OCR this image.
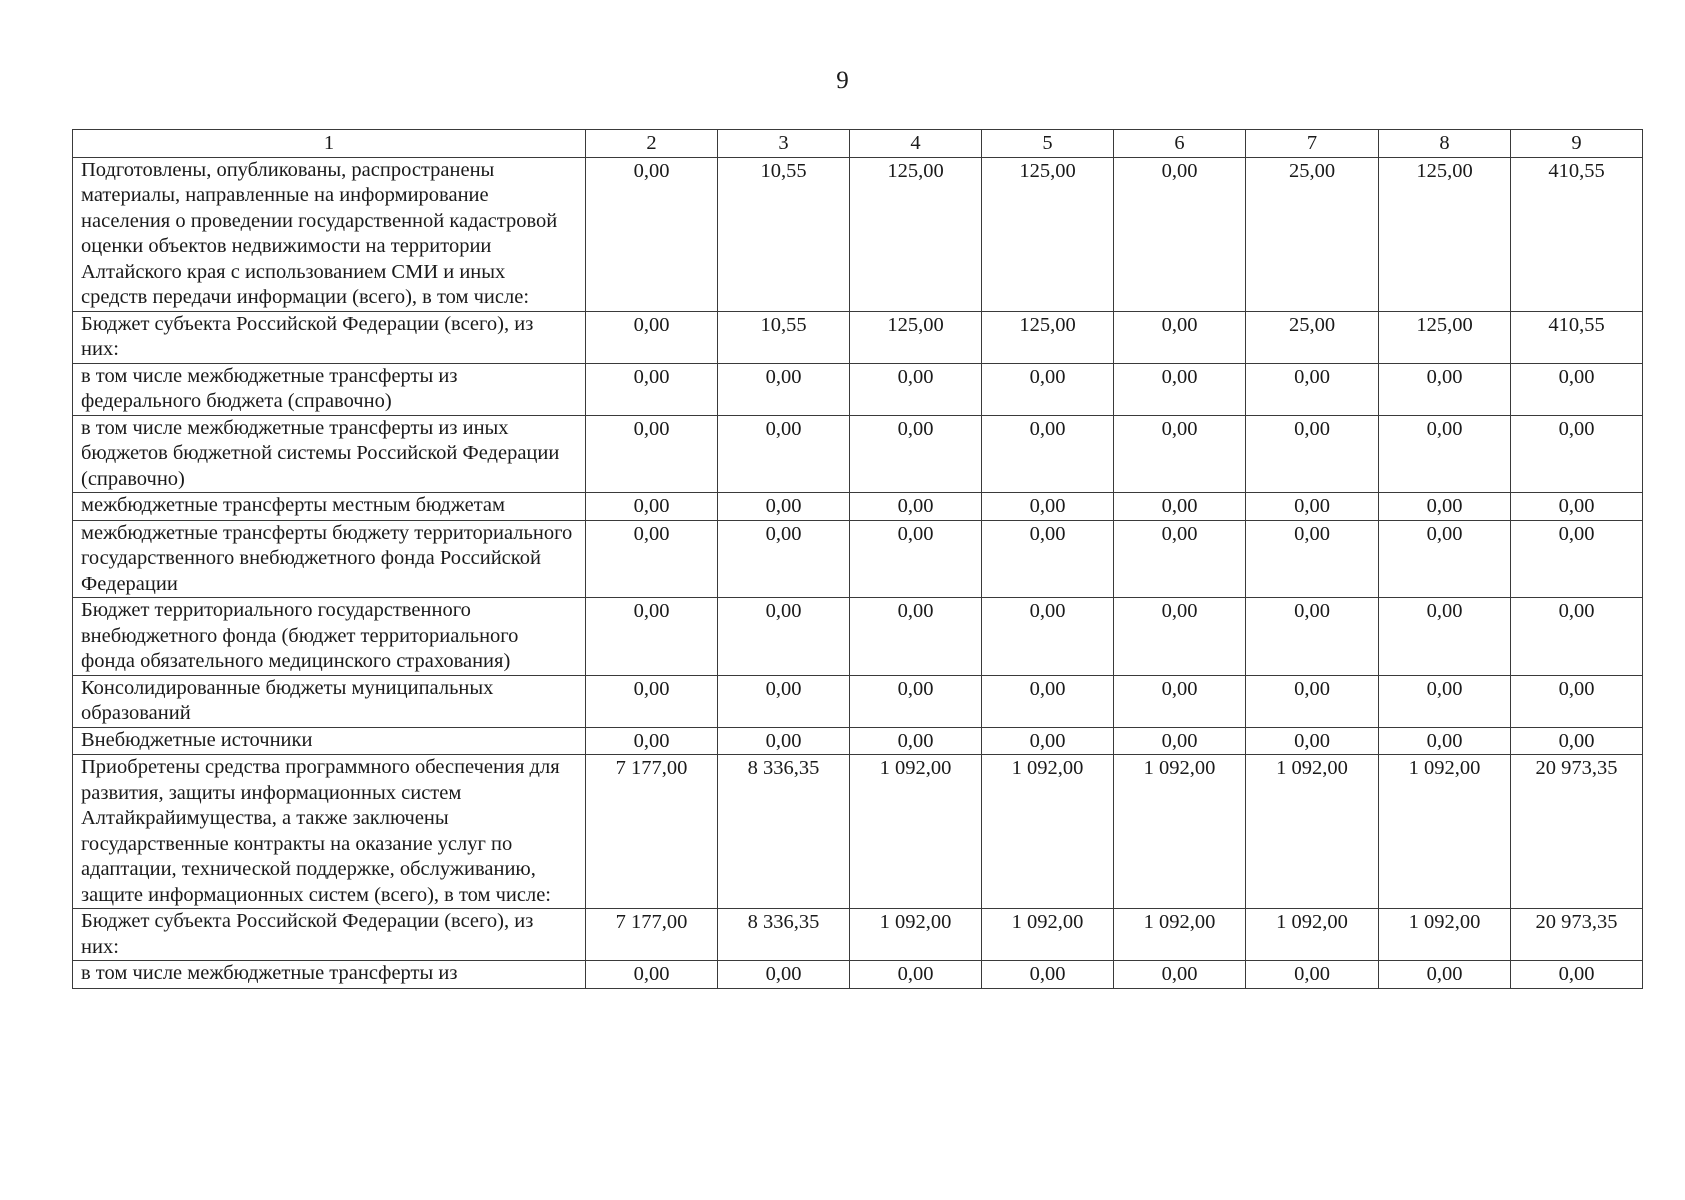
9
1	2	3	4	5	6	7	8	9
Подготовлены, опубликованы, распространены материалы, направленные на информирование населения о проведении государственной кадастровой оценки объектов недвижимости на территории Алтайского края с использованием СМИ и иных средств передачи информации (всего), в том числе:	0,00	10,55	125,00	125,00	0,00	25,00	125,00	410,55
Бюджет субъекта Российской Федерации (всего), из них:	0,00	10,55	125,00	125,00	0,00	25,00	125,00	410,55
в том числе межбюджетные трансферты из федерального бюджета (справочно)	0,00	0,00	0,00	0,00	0,00	0,00	0,00	0,00
в том числе межбюджетные трансферты из иных бюджетов бюджетной системы Российской Федерации (справочно)	0,00	0,00	0,00	0,00	0,00	0,00	0,00	0,00
межбюджетные трансферты местным бюджетам	0,00	0,00	0,00	0,00	0,00	0,00	0,00	0,00
межбюджетные трансферты бюджету территориального государственного внебюджетного фонда Российской Федерации	0,00	0,00	0,00	0,00	0,00	0,00	0,00	0,00
Бюджет территориального государственного внебюджетного фонда (бюджет территориального фонда обязательного медицинского страхования)	0,00	0,00	0,00	0,00	0,00	0,00	0,00	0,00
Консолидированные бюджеты муниципальных образований	0,00	0,00	0,00	0,00	0,00	0,00	0,00	0,00
Внебюджетные источники	0,00	0,00	0,00	0,00	0,00	0,00	0,00	0,00
Приобретены средства программного обеспечения для развития, защиты информационных систем Алтайкрайимущества, а также заключены государственные контракты на оказание услуг по адаптации, технической поддержке, обслуживанию, защите информационных систем (всего), в том числе:	7 177,00	8 336,35	1 092,00	1 092,00	1 092,00	1 092,00	1 092,00	20 973,35
Бюджет субъекта Российской Федерации (всего), из них:	7 177,00	8 336,35	1 092,00	1 092,00	1 092,00	1 092,00	1 092,00	20 973,35
в том числе межбюджетные трансферты из	0,00	0,00	0,00	0,00	0,00	0,00	0,00	0,00
